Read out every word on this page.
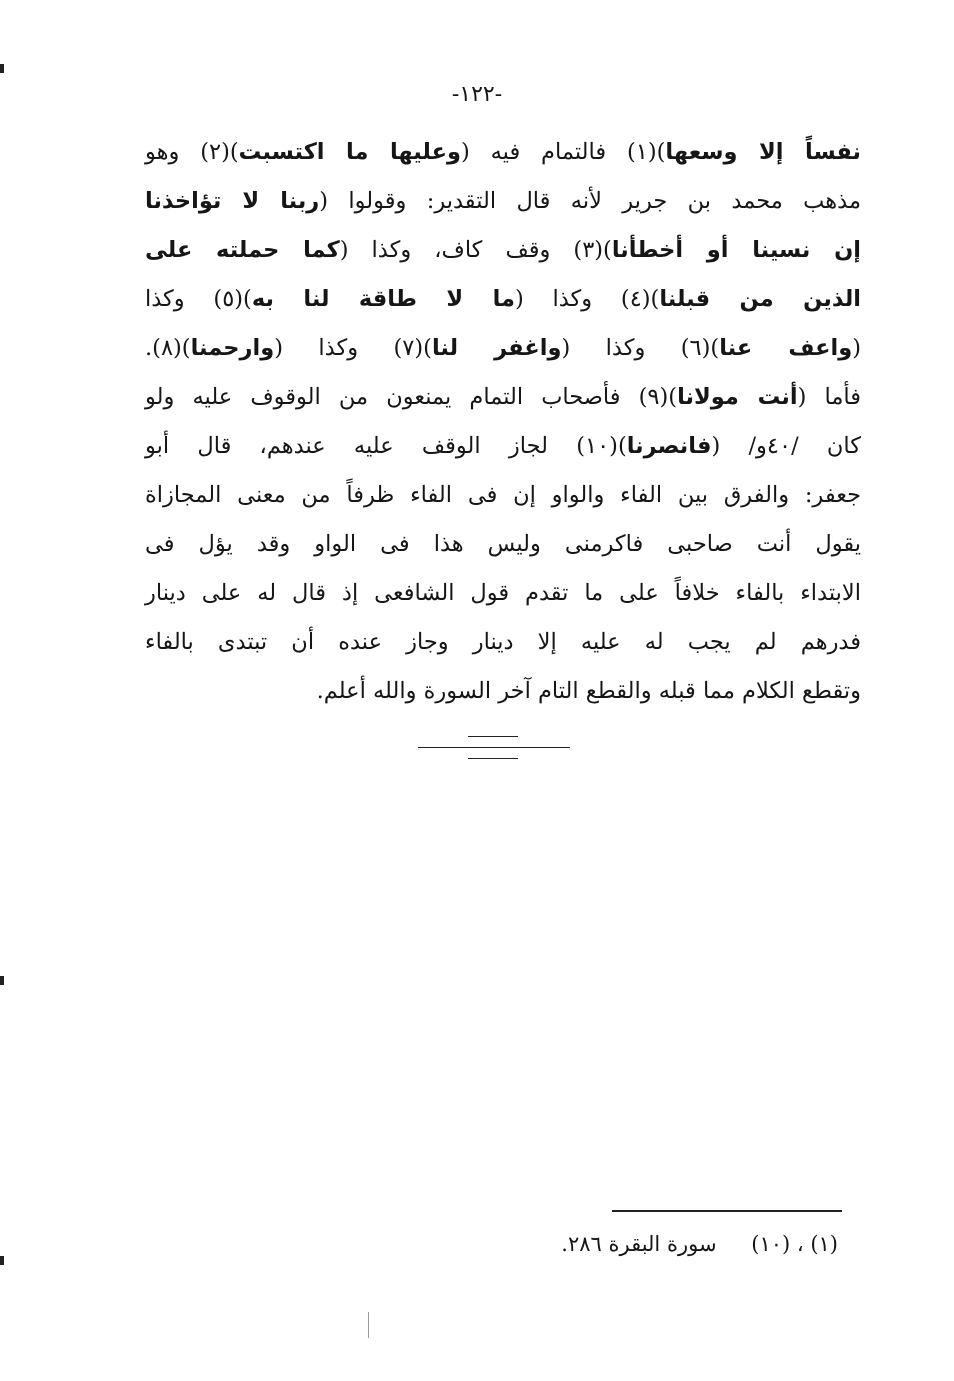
-١٢٢-
نفساً إلا وسعها)(١) فالتمام فيه (وعليها ما اكتسبت)(٢) وهو
مذهب محمد بن جرير لأنه قال التقدير: وقولوا (ربنا لا تؤاخذنا
إن نسينا أو أخطأنا)(٣) وقف كاف، وكذا (كما حملته على
الذين من قبلنا)(٤) وكذا (ما لا طاقة لنا به)(٥) وكذا
(واعف عنا)(٦) وكذا (واغفر لنا)(٧) وكذا (وارحمنا)(٨).
فأما (أنت مولانا)(٩) فأصحاب التمام يمنعون من الوقوف عليه ولو
كان /٤٠و/ (فانصرنا)(١٠) لجاز الوقف عليه عندهم، قال أبو
جعفر: والفرق بين الفاء والواو إن فى الفاء ظرفاً من معنى المجازاة
يقول أنت صاحبى فاكرمنى وليس هذا فى الواو وقد يؤل فى
الابتداء بالفاء خلافاً على ما تقدم قول الشافعى إذ قال له على دينار
فدرهم لم يجب له عليه إلا دينار وجاز عنده أن تبتدى بالفاء
وتقطع الكلام مما قبله والقطع التام آخر السورة والله أعلم.
(١) ، (١٠) سورة البقرة ٢٨٦.
